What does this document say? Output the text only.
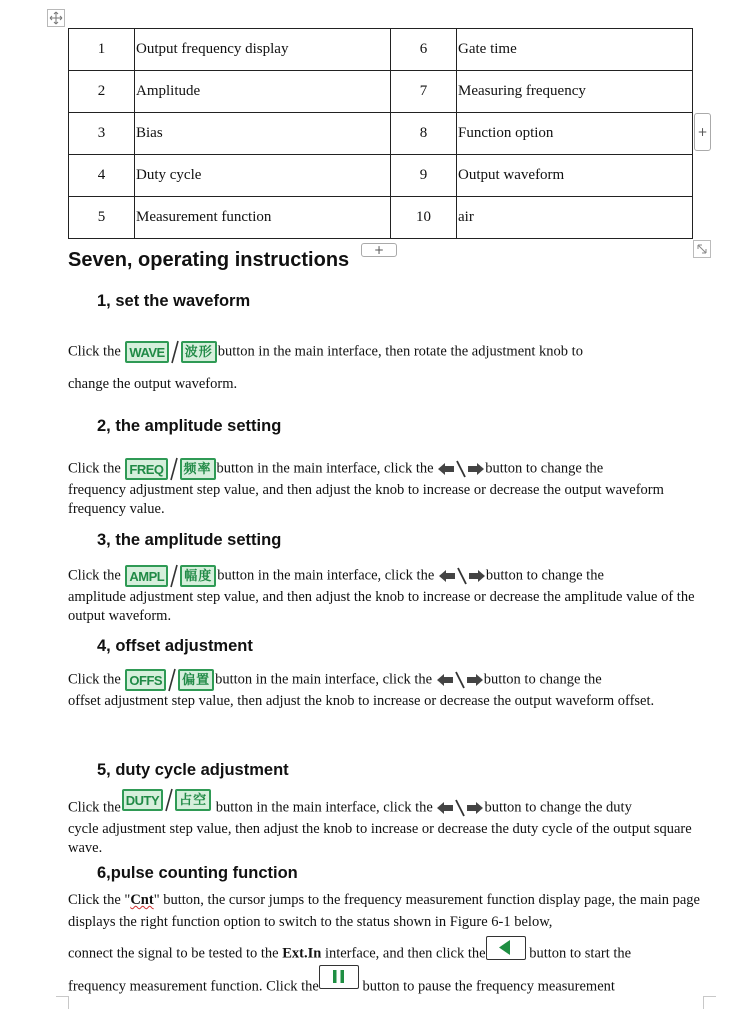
1	Output frequency display	6	Gate time
2	Amplitude	7	Measuring frequency
3	Bias	8	Function option
4	Duty cycle	9	Output waveform
5	Measurement function	10	air
+
+
Seven, operating instructions
1, set the waveform
Click the WAVE 波形 button in the main interface, then rotate the adjustment knob to
change the output waveform.
2, the amplitude setting
Click the FREQ 频率 button in the main interface, click the	button to change the
frequency adjustment step value, and then adjust the knob to increase or decrease the output waveform frequency value.
3, the amplitude setting
Click the AMPL 幅度 button in the main interface, click the	button to change the
amplitude adjustment step value, and then adjust the knob to increase or decrease the amplitude value of the output waveform.
4, offset adjustment
Click the OFFS 偏置 button in the main interface, click the	button to change the
offset adjustment step value, then adjust the knob to increase or decrease the output waveform offset.
5, duty cycle adjustment
Click the DUTY 占空 button in the main interface, click the	button to change the duty
cycle adjustment step value, then adjust the knob to increase or decrease the duty cycle of the output square wave.
6,pulse counting function
Click the "Cnt" button, the cursor jumps to the frequency measurement function display page, the main page displays the right function option to switch to the status shown in Figure 6-1 below,
connect the signal to be tested to the Ext.In interface, and then click the	button to start the
frequency measurement function. Click the	button to pause the frequency measurement
